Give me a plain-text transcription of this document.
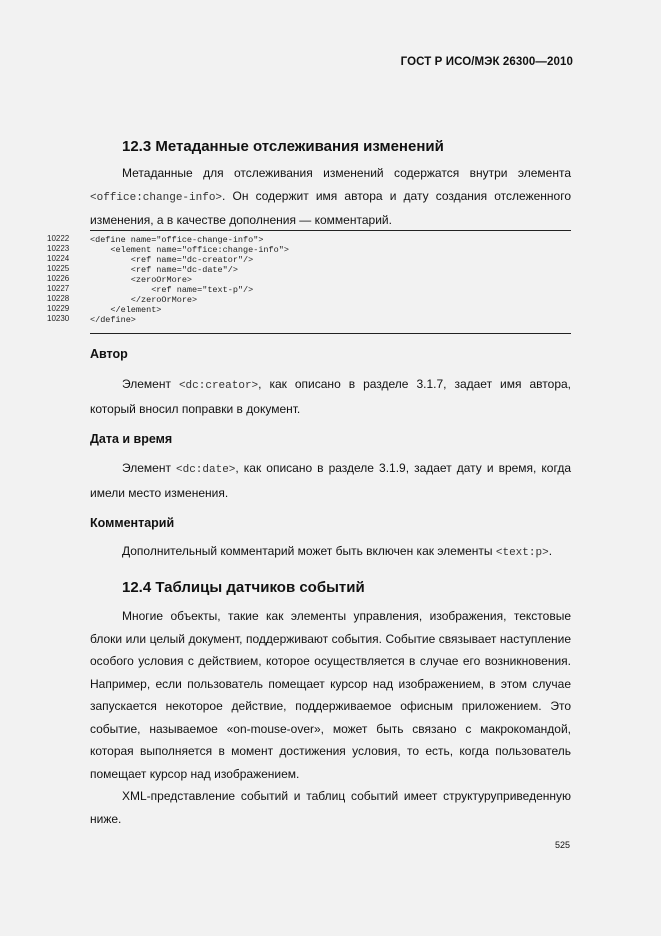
ГОСТ Р ИСО/МЭК 26300—2010
12.3 Метаданные отслеживания изменений

Метаданные для отслеживания изменений содержатся внутри элемента <office:change-info>. Он содержит имя автора и дату создания отслеженного изменения, а в качестве дополнения — комментарий.

10222
10223
10224
10225
10226
10227
10228
10229
10230
<define name="office-change-info">
<element name="office:change-info">
<ref name="dc-creator"/>
<ref name="dc-date"/>
<zeroOrMore>
<ref name="text-p"/>
</zeroOrMore>
</element>
</define>
Автор

Элемент <dc:creator>, как описано в разделе 3.1.7, задает имя автора, который вносил поправки в документ.

Дата и время

Элемент <dc:date>, как описано в разделе 3.1.9, задает дату и время, когда имели место изменения.

Комментарий

Дополнительный комментарий может быть включен как элементы <text:p>.

12.4 Таблицы датчиков событий

Многие объекты, такие как элементы управления, изображения, текстовые блоки или целый документ, поддерживают события. Событие связывает наступление особого условия с действием, которое осуществляется в случае его возникновения. Например, если пользователь помещает курсор над изображением, в этом случае запускается некоторое действие, поддерживаемое офисным приложением. Это событие, называемое «on-mouse-over», может быть связано с макрокомандой, которая выполняется в момент достижения условия, то есть, когда пользователь помещает курсор над изображением.

XML-представление событий и таблиц событий имеет структуруприведенную ниже.

525
